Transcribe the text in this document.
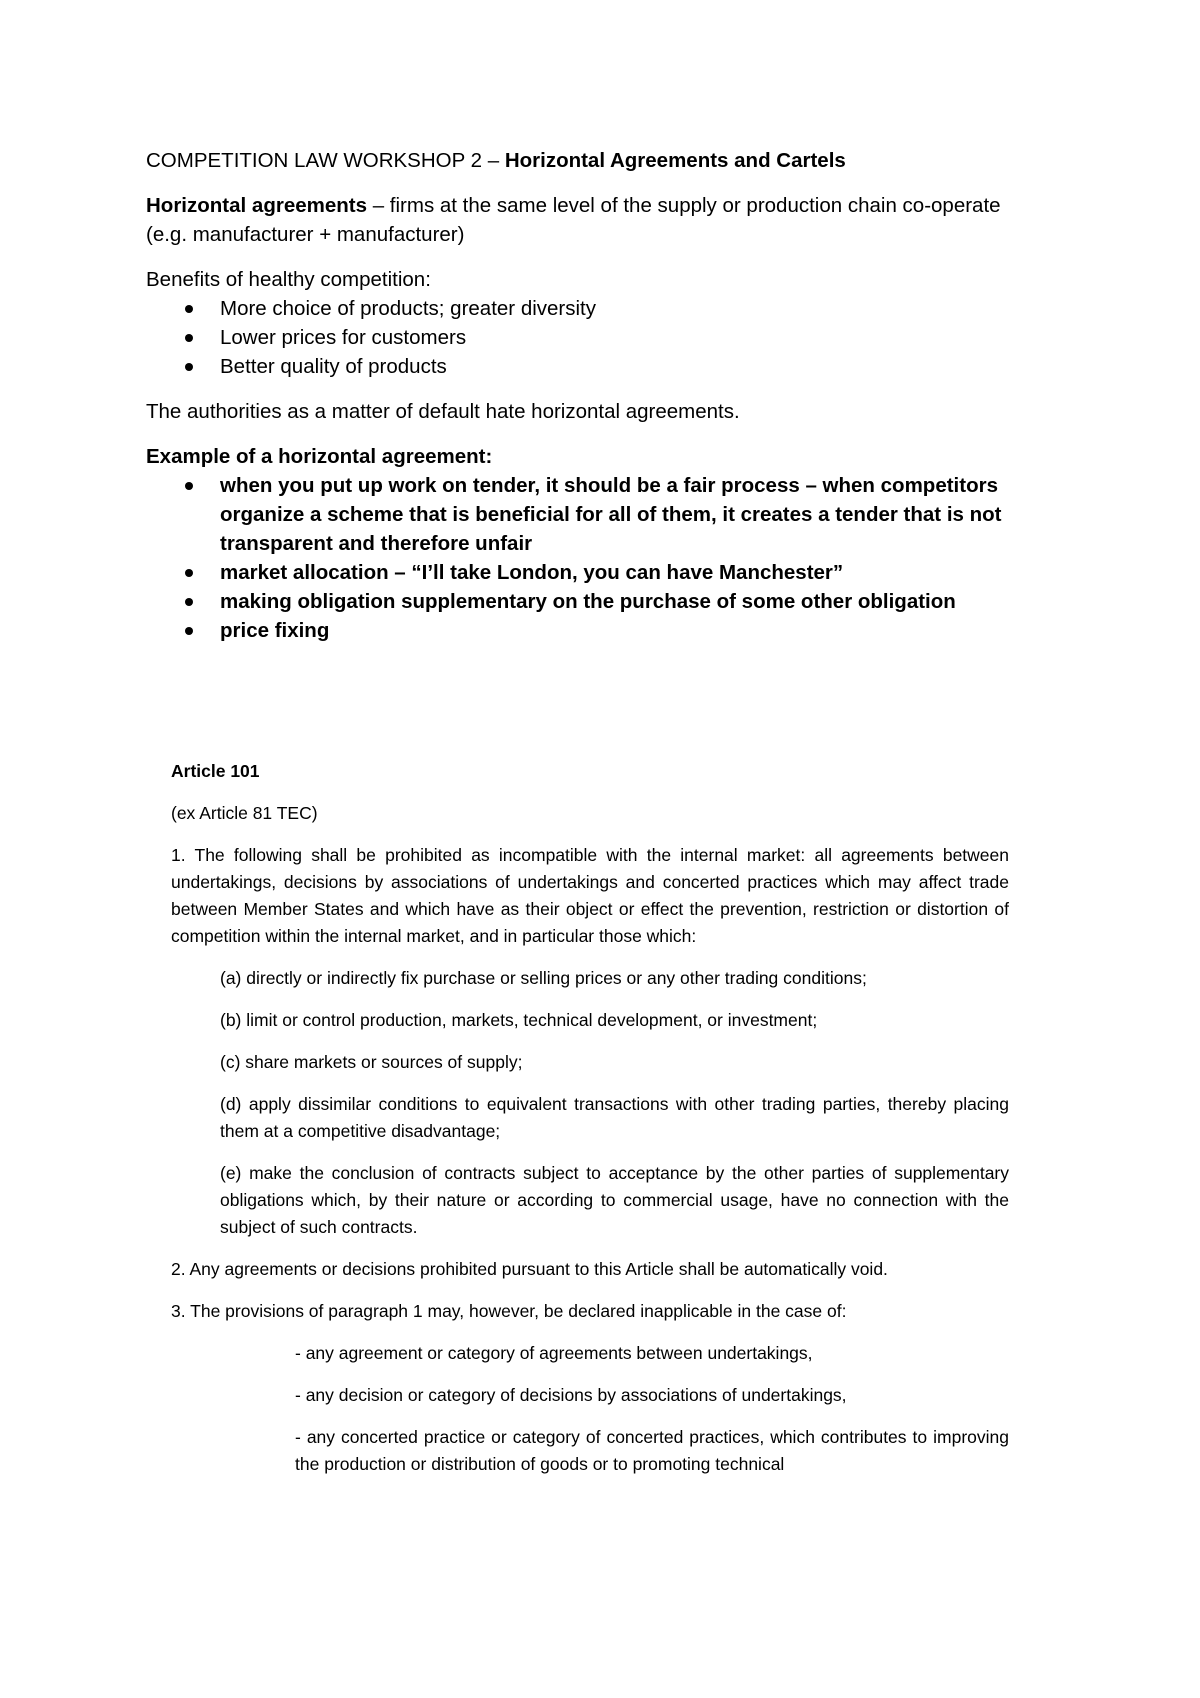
COMPETITION LAW WORKSHOP 2 – Horizontal Agreements and Cartels

Horizontal agreements – firms at the same level of the supply or production chain co-operate (e.g. manufacturer + manufacturer)

Benefits of healthy competition:

More choice of products; greater diversity
Lower prices for customers
Better quality of products

The authorities as a matter of default hate horizontal agreements.

Example of a horizontal agreement:

when you put up work on tender, it should be a fair process – when competitors organize a scheme that is beneficial for all of them, it creates a tender that is not transparent and therefore unfair
market allocation – “I’ll take London, you can have Manchester”
making obligation supplementary on the purchase of some other obligation
price fixing

Article 101

(ex Article 81 TEC)

1. The following shall be prohibited as incompatible with the internal market: all agreements between undertakings, decisions by associations of undertakings and concerted practices which may affect trade between Member States and which have as their object or effect the prevention, restriction or distortion of competition within the internal market, and in particular those which:

(a) directly or indirectly fix purchase or selling prices or any other trading conditions;

(b) limit or control production, markets, technical development, or investment;

(c) share markets or sources of supply;

(d) apply dissimilar conditions to equivalent transactions with other trading parties, thereby placing them at a competitive disadvantage;

(e) make the conclusion of contracts subject to acceptance by the other parties of supplementary obligations which, by their nature or according to commercial usage, have no connection with the subject of such contracts.

2. Any agreements or decisions prohibited pursuant to this Article shall be automatically void.

3. The provisions of paragraph 1 may, however, be declared inapplicable in the case of:

- any agreement or category of agreements between undertakings,

- any decision or category of decisions by associations of undertakings,

- any concerted practice or category of concerted practices, which contributes to improving the production or distribution of goods or to promoting technical
